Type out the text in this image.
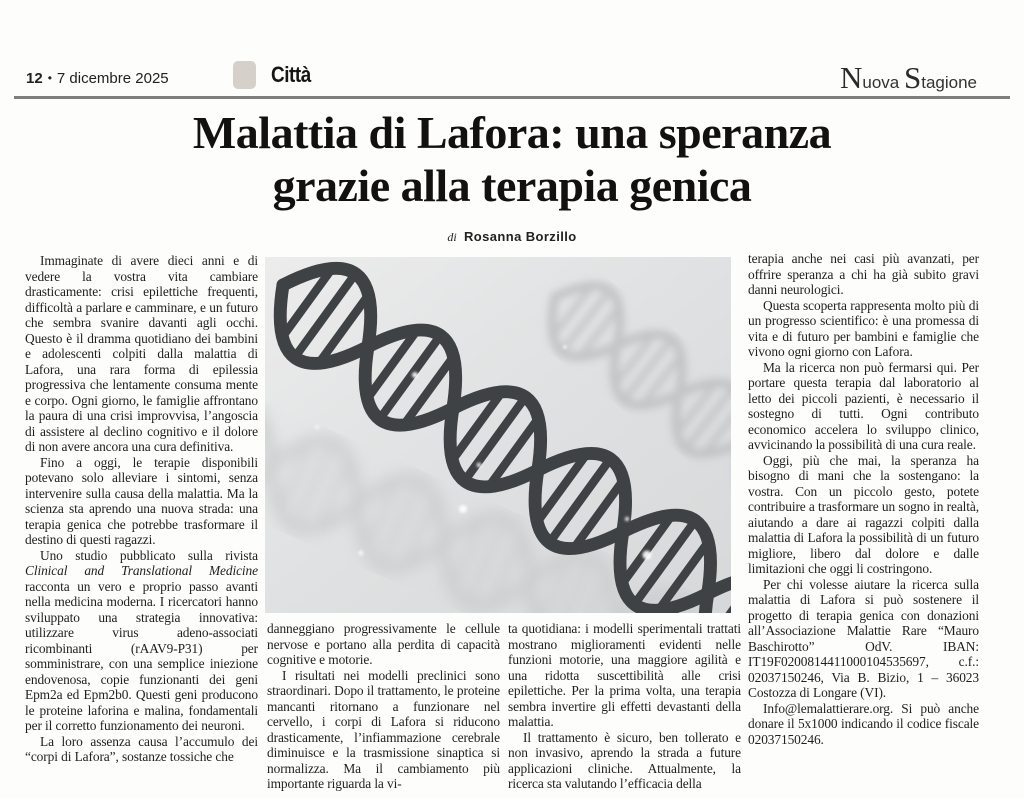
12 • 7 dicembre 2025	Città	Nuova Stagione
Malattia di Lafora: una speranza
grazie alla terapia genica
di Rosanna Borzillo

Immaginate di avere dieci anni e di vedere la vostra vita cambiare drasticamente: crisi epilettiche frequenti, difficoltà a parlare e camminare, e un futuro che sembra svanire davanti agli occhi. Questo è il dramma quotidiano dei bambini e adolescenti colpiti dalla malattia di Lafora, una rara forma di epilessia progressiva che lentamente consuma mente e corpo. Ogni giorno, le famiglie affrontano la paura di una crisi improvvisa, l’angoscia di assistere al declino cognitivo e il dolore di non avere ancora una cura definitiva.

Fino a oggi, le terapie disponibili potevano solo alleviare i sintomi, senza intervenire sulla causa della malattia. Ma la scienza sta aprendo una nuova strada: una terapia genica che potrebbe trasformare il destino di questi ragazzi.

Uno studio pubblicato sulla rivista Clinical and Translational Medicine racconta un vero e proprio passo avanti nella medicina moderna. I ricercatori hanno sviluppato una strategia innovativa: utilizzare virus adeno-associati ricombinanti (rAAV9-P31) per somministrare, con una semplice iniezione endovenosa, copie funzionanti dei geni Epm2a ed Epm2b0. Questi geni producono le proteine laforina e malina, fondamentali per il corretto funzionamento dei neuroni.

La loro assenza causa l’accumulo dei “corpi di Lafora”, sostanze tossiche che

danneggiano progressivamente le cellule nervose e portano alla perdita di capacità cognitive e motorie.

I risultati nei modelli preclinici sono straordinari. Dopo il trattamento, le proteine mancanti ritornano a funzionare nel cervello, i corpi di Lafora si riducono drasticamente, l’infiammazione cerebrale diminuisce e la trasmissione sinaptica si normalizza. Ma il cambiamento più importante riguarda la vi-

ta quotidiana: i modelli sperimentali trattati mostrano miglioramenti evidenti nelle funzioni motorie, una maggiore agilità e una ridotta suscettibilità alle crisi epilettiche. Per la prima volta, una terapia sembra invertire gli effetti devastanti della malattia.

Il trattamento è sicuro, ben tollerato e non invasivo, aprendo la strada a future applicazioni cliniche. Attualmente, la ricerca sta valutando l’efficacia della

terapia anche nei casi più avanzati, per offrire speranza a chi ha già subito gravi danni neurologici.

Questa scoperta rappresenta molto più di un progresso scientifico: è una promessa di vita e di futuro per bambini e famiglie che vivono ogni giorno con Lafora.

Ma la ricerca non può fermarsi qui. Per portare questa terapia dal laboratorio al letto dei piccoli pazienti, è necessario il sostegno di tutti. Ogni contributo economico accelera lo sviluppo clinico, avvicinando la possibilità di una cura reale.

Oggi, più che mai, la speranza ha bisogno di mani che la sostengano: la vostra. Con un piccolo gesto, potete contribuire a trasformare un sogno in realtà, aiutando a dare ai ragazzi colpiti dalla malattia di Lafora la possibilità di un futuro migliore, libero dal dolore e dalle limitazioni che oggi li costringono.

Per chi volesse aiutare la ricerca sulla malattia di Lafora si può sostenere il progetto di terapia genica con donazioni all’Associazione Malattie Rare “Mauro Baschirotto” OdV. IBAN: IT19F0200814411000104535697, c.f.: 02037150246, Via B. Bizio, 1 – 36023 Costozza di Longare (VI).

Info@lemalattierare.org. Si può anche donare il 5x1000 indicando il codice fiscale 02037150246.
